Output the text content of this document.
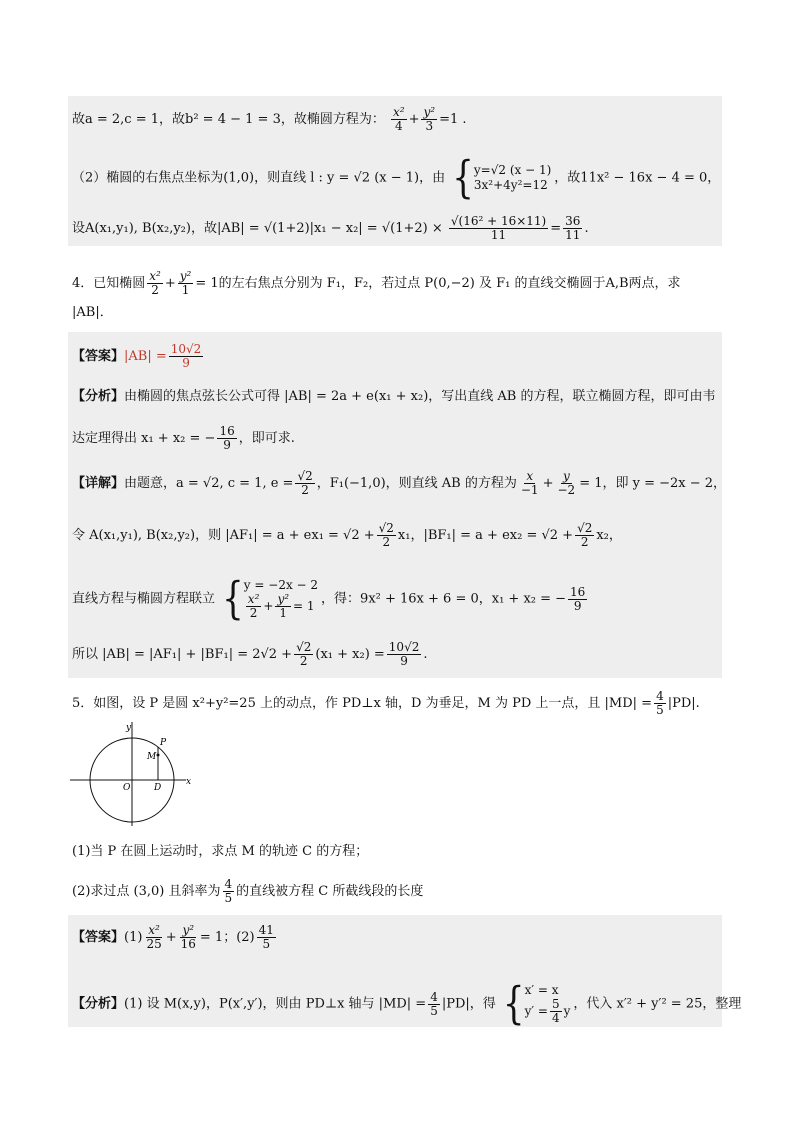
故a = 2,c = 1，故b² = 4 − 1 = 3，故椭圆方程为： $\frac{\text{x²}}{4} + \frac{\text{y²}}{3} =1$ .
（2）椭圆的右焦点坐标为(1,0)，则直线 l : y = √2 (x − 1)，由 { y=√2 (x − 1)
3x²+4y²=12 ，故11x² − 16x − 4 = 0，
设A(x₁,y₁), B(x₂,y₂)，故$|AB| = √(1+2)|x_1 - x_2| = √(1+2) \times \frac{\text{√(16² + 16×11)}}{11} = \frac{36}{11}$ .
4．已知椭圆 $\frac{\text{x²}}{2} + \frac{\text{y²}}{1} = 1$的左右焦点分别为 F₁，F₂，若过点 P(0,−2) 及 F₁ 的直线交椭圆于A,B两点，求
|AB|．
【答案】$|AB| = \frac{10√2}{9}$
【分析】由椭圆的焦点弦长公式可得 |AB| = 2a + e(x₁ + x₂)，写出直线 AB 的方程，联立椭圆方程，即可由韦
达定理得出 x₁ + x₂ = − $\frac{16}{9}$ ，即可求.
【详解】由题意，a = √2, c = 1, $e = \frac{√2}{2}$ ，F₁(−1,0)，则直线 AB 的方程为 $\frac{x}{-1} + \frac{y}{-2} = 1$，即 y = −2x − 2，
令 A(x₁,y₁), B(x₂,y₂)，则 $|AF_1| = a + ex_1 = √2 + \frac{√2}{2} x_1$，$|BF_1| = a + ex_2 = √2 + \frac{√2}{2} x_2$，
直线方程与椭圆方程联立 { y = −2x − 2
$\frac{\text{x²}}{2} + \frac{\text{y²}}{1} = 1$ ，得：9x² + 16x + 6 = 0，x₁ + x₂ = − $\frac{16}{9}$
所以 $|AB| = |AF_1| + |BF_1| = 2√2 + \frac{√2}{2} (x_1 + x_2) = \frac{10√2}{9}$ .
5．如图，设 P 是圆 x²+y²=25 上的动点，作 PD⊥x 轴，D 为垂足，M 为 PD 上一点，且 $|MD| = \frac{4}{5} |PD|$.
y
x
O	D
M
P
(1)当 P 在圆上运动时，求点 M 的轨迹 C 的方程；
(2)求过点 (3,0) 且斜率为 $\frac{4}{5}$ 的直线被方程 C 所截线段的长度
【答案】$(1) \frac{\text{x²}}{25} + \frac{\text{y²}}{16} = 1$；$(2) \frac{41}{5}$
【分析】(1) 设 M(x,y)，P(x′,y′)，则由 PD⊥x 轴与 $|MD| = \frac{4}{5} |PD|$，得 { x′ = x
$y' = \frac{5}{4}$ y ，代入 x′² + y′² = 25，整理
